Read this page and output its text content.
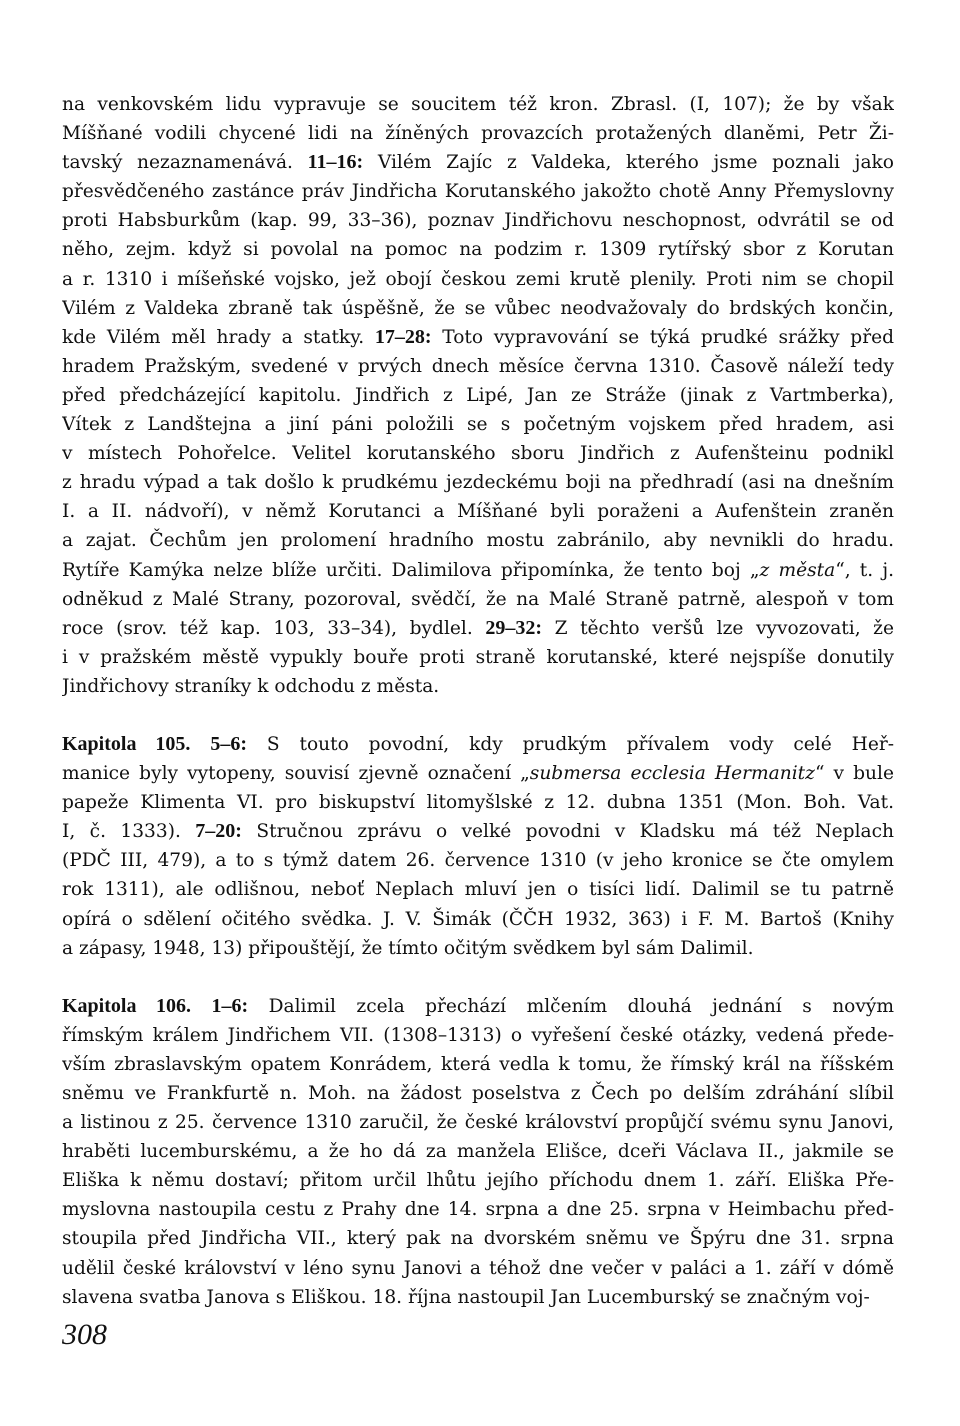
na venkovském lidu vypravuje se soucitem též kron. Zbrasl. (I, 107); že by však
Míšňané vodili chycené lidi na žíněných provazcích protažených dlaněmi, Petr Ži-
tavský nezaznamenává. 11–16: Vilém Zajíc z Valdeka, kterého jsme poznali jako
přesvědčeného zastánce práv Jindřicha Korutanského jakožto chotě Anny Přemyslovny
proti Habsburkům (kap. 99, 33–36), poznav Jindřichovu neschopnost, odvrátil se od
něho, zejm. když si povolal na pomoc na podzim r. 1309 rytířský sbor z Korutan
a r. 1310 i míšeňské vojsko, jež obojí českou zemi krutě plenily. Proti nim se chopil
Vilém z Valdeka zbraně tak úspěšně, že se vůbec neodvažovaly do brdských končin,
kde Vilém měl hrady a statky. 17–28: Toto vypravování se týká prudké srážky před
hradem Pražským, svedené v prvých dnech měsíce června 1310. Časově náleží tedy
před předcházející kapitolu. Jindřich z Lipé, Jan ze Stráže (jinak z Vartmberka),
Vítek z Landštejna a jiní páni položili se s početným vojskem před hradem, asi
v místech Pohořelce. Velitel korutanského sboru Jindřich z Aufenšteinu podnikl
z hradu výpad a tak došlo k prudkému jezdeckému boji na předhradí (asi na dnešním
I. a II. nádvoří), v němž Korutanci a Míšňané byli poraženi a Aufenštein zraněn
a zajat. Čechům jen prolomení hradního mostu zabránilo, aby nevnikli do hradu.
Rytíře Kamýka nelze blíže určiti. Dalimilova připomínka, že tento boj „z města“, t. j.
odněkud z Malé Strany, pozoroval, svědčí, že na Malé Straně patrně, alespoň v tom
roce (srov. též kap. 103, 33–34), bydlel. 29–32: Z těchto veršů lze vyvozovati, že
i v pražském městě vypukly bouře proti straně korutanské, které nejspíše donutily
Jindřichovy straníky k odchodu z města.
Kapitola 105. 5–6: S touto povodní, kdy prudkým přívalem vody celé Heř-
manice byly vytopeny, souvisí zjevně označení „submersa ecclesia Hermanitz“ v bule
papeže Klimenta VI. pro biskupství litomyšlské z 12. dubna 1351 (Mon. Boh. Vat.
I, č. 1333). 7–20: Stručnou zprávu o velké povodni v Kladsku má též Neplach
(PDČ III, 479), a to s týmž datem 26. července 1310 (v jeho kronice se čte omylem
rok 1311), ale odlišnou, neboť Neplach mluví jen o tisíci lidí. Dalimil se tu patrně
opírá o sdělení očitého svědka. J. V. Šimák (ČČH 1932, 363) i F. M. Bartoš (Knihy
a zápasy, 1948, 13) připouštějí, že tímto očitým svědkem byl sám Dalimil.
Kapitola 106. 1–6: Dalimil zcela přechází mlčením dlouhá jednání s novým
římským králem Jindřichem VII. (1308–1313) o vyřešení české otázky, vedená přede-
vším zbraslavským opatem Konrádem, která vedla k tomu, že římský král na říšském
sněmu ve Frankfurtě n. Moh. na žádost poselstva z Čech po delším zdráhání slíbil
a listinou z 25. července 1310 zaručil, že české království propůjčí svému synu Janovi,
hraběti lucemburskému, a že ho dá za manžela Elišce, dceři Václava II., jakmile se
Eliška k němu dostaví; přitom určil lhůtu jejího příchodu dnem 1. září. Eliška Pře-
myslovna nastoupila cestu z Prahy dne 14. srpna a dne 25. srpna v Heimbachu před-
stoupila před Jindřicha VII., který pak na dvorském sněmu ve Špýru dne 31. srpna
udělil české království v léno synu Janovi a téhož dne večer v paláci a 1. září v dómě
slavena svatba Janova s Eliškou. 18. října nastoupil Jan Lucemburský se značným voj-
308
